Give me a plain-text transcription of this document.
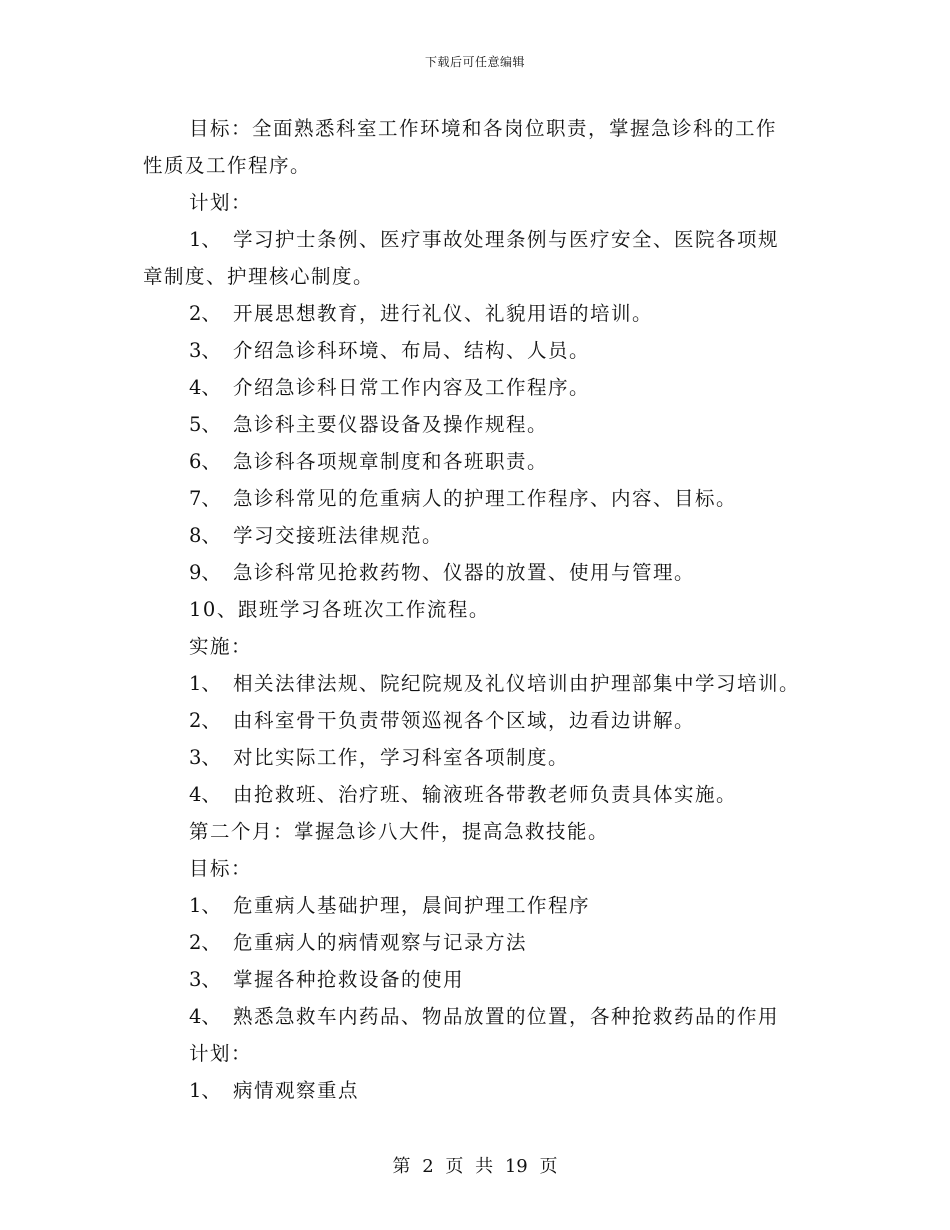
下载后可任意编辑
目标：全面熟悉科室工作环境和各岗位职责，掌握急诊科的工作
性质及工作程序。
计划：
1、 学习护士条例、医疗事故处理条例与医疗安全、医院各项规
章制度、护理核心制度。
2、 开展思想教育，进行礼仪、礼貌用语的培训。
3、 介绍急诊科环境、布局、结构、人员。
4、 介绍急诊科日常工作内容及工作程序。
5、 急诊科主要仪器设备及操作规程。
6、 急诊科各项规章制度和各班职责。
7、 急诊科常见的危重病人的护理工作程序、内容、目标。
8、 学习交接班法律规范。
9、 急诊科常见抢救药物、仪器的放置、使用与管理。
10、跟班学习各班次工作流程。
实施：
1、 相关法律法规、院纪院规及礼仪培训由护理部集中学习培训。
2、 由科室骨干负责带领巡视各个区域，边看边讲解。
3、 对比实际工作，学习科室各项制度。
4、 由抢救班、治疗班、输液班各带教老师负责具体实施。
第二个月：掌握急诊八大件，提高急救技能。
目标：
1、 危重病人基础护理，晨间护理工作程序
2、 危重病人的病情观察与记录方法
3、 掌握各种抢救设备的使用
4、 熟悉急救车内药品、物品放置的位置，各种抢救药品的作用
计划：
1、 病情观察重点
第 2 页 共 19 页
